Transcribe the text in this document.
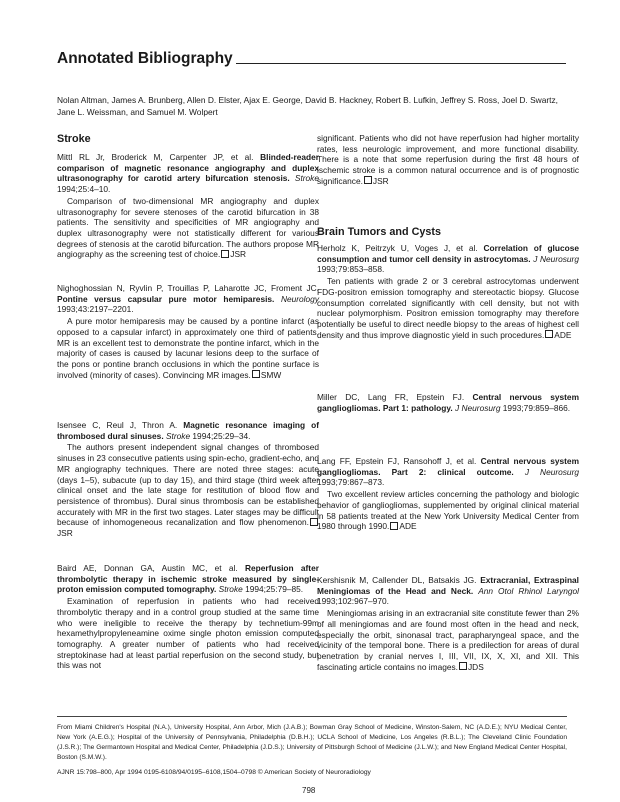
Annotated Bibliography
Nolan Altman, James A. Brunberg, Allen D. Elster, Ajax E. George, David B. Hackney, Robert B. Lufkin, Jeffrey S. Ross, Joel D. Swartz, Jane L. Weissman, and Samuel M. Wolpert
Stroke

Mittl RL Jr, Broderick M, Carpenter JP, et al. Blinded-reader comparison of magnetic resonance angiography and duplex ultrasonography for carotid artery bifurcation stenosis. Stroke 1994;25:4–10.

Comparison of two-dimensional MR angiography and duplex ultrasonography for severe stenoses of the carotid bifurcation in 38 patients. The sensitivity and specificities of MR angiography and duplex ultrasonography were not statistically different for various degrees of stenosis at the carotid bifurcation. The authors propose MR angiography as the screening test of choice. JSR

Nighoghossian N, Ryvlin P, Trouillas P, Laharotte JC, Froment JC. Pontine versus capsular pure motor hemiparesis. Neurology 1993;43:2197–2201.

A pure motor hemiparesis may be caused by a pontine infarct (as opposed to a capsular infarct) in approximately one third of patients. MR is an excellent test to demonstrate the pontine infarct, which in the majority of cases is caused by lacunar lesions deep to the surface of the pons or pontine branch occlusions in which the pontine surface is involved (minority of cases). Convincing MR images. SMW

Isensee C, Reul J, Thron A. Magnetic resonance imaging of thrombosed dural sinuses. Stroke 1994;25:29–34.

The authors present independent signal changes of thrombosed sinuses in 23 consecutive patients using spin-echo, gradient-echo, and MR angiography techniques. There are noted three stages: acute (days 1–5), subacute (up to day 15), and third stage (third week after clinical onset and the late stage for restitution of blood flow and persistence of thrombus). Dural sinus thrombosis can be established accurately with MR in the first two stages. Later stages may be difficult because of inhomogeneous recanalization and flow phenomenon.JSR

Baird AE, Donnan GA, Austin MC, et al. Reperfusion after thrombolytic therapy in ischemic stroke measured by single-proton emission computed tomography. Stroke 1994;25:79–85.

Examination of reperfusion in patients who had received thrombolytic therapy and in a control group studied at the same time who were ineligible to receive the therapy by technetium-99m hexamethylpropyleneamine oxime single photon emission computed tomography. A greater number of patients who had received streptokinase had at least partial reperfusion on the second study, but this was not

significant. Patients who did not have reperfusion had higher mortality rates, less neurologic improvement, and more functional disability. There is a note that some reperfusion during the first 48 hours of ischemic stroke is a common natural occurrence and is of prognostic significance. JSR

Brain Tumors and Cysts

Herholz K, Peitrzyk U, Voges J, et al. Correlation of glucose consumption and tumor cell density in astrocytomas. J Neurosurg 1993;79:853–858.

Ten patients with grade 2 or 3 cerebral astrocytomas underwent FDG-positron emission tomography and stereotactic biopsy. Glucose consumption correlated significantly with cell density, but not with nuclear polymorphism. Positron emission tomography may therefore potentially be useful to direct needle biopsy to the areas of highest cell density and thus improve diagnostic yield in such procedures. ADE

Miller DC, Lang FR, Epstein FJ. Central nervous system gangliogliomas. Part 1: pathology. J Neurosurg 1993;79:859–866.

Lang FF, Epstein FJ, Ransohoff J, et al. Central nervous system gangliogliomas. Part 2: clinical outcome. J Neurosurg 1993;79:867–873.

Two excellent review articles concerning the pathology and biologic behavior of gangliogliomas, supplemented by original clinical material in 58 patients treated at the New York University Medical Center from 1980 through 1990. ADE

Kershisnik M, Callender DL, Batsakis JG. Extracranial, Extraspinal Meningiomas of the Head and Neck. Ann Otol Rhinol Laryngol 1993;102:967–970.

Meningiomas arising in an extracranial site constitute fewer than 2% of all meningiomas and are found most often in the head and neck, especially the orbit, sinonasal tract, parapharyngeal space, and the vicinity of the temporal bone. There is a predilection for areas of dural penetration by cranial nerves I, III, VII, IX, X, XI, and XII. This fascinating article contains no images. JDS

From Miami Children's Hospital (N.A.), University Hospital, Ann Arbor, Mich (J.A.B.); Bowman Gray School of Medicine, Winston-Salem, NC (A.D.E.); NYU Medical Center, New York (A.E.G.); Hospital of the University of Pennsylvania, Philadelphia (D.B.H.); UCLA School of Medicine, Los Angeles (R.B.L.); The Cleveland Clinic Foundation (J.S.R.); The Germantown Hospital and Medical Center, Philadelphia (J.D.S.); University of Pittsburgh School of Medicine (J.L.W.); and New England Medical Center Hospital, Boston (S.M.W.).
AJNR 15:798–800, Apr 1994 0195-6108/94/0195–6108,1504–0798 © American Society of Neuroradiology
798
